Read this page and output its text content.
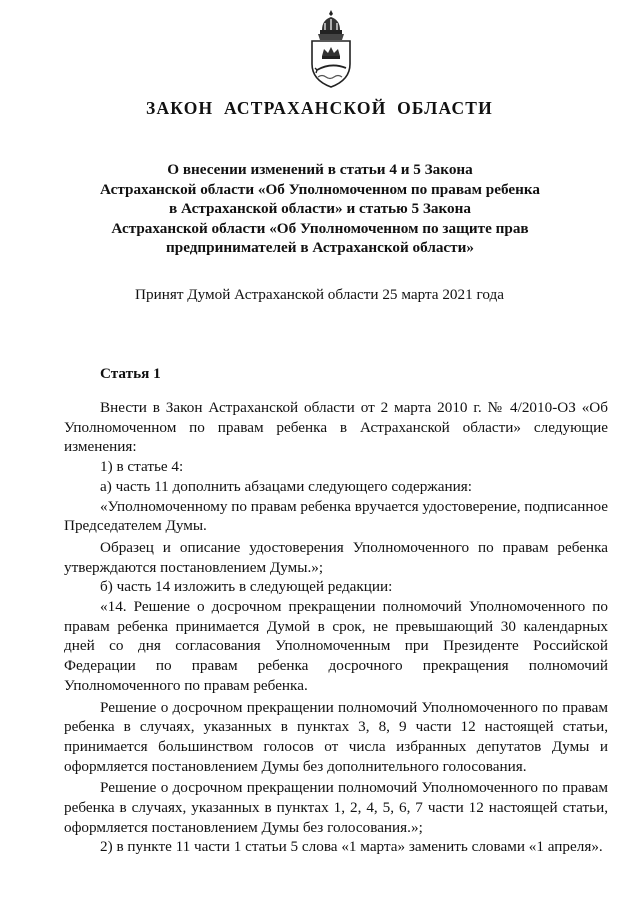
ЗАКОН АСТРАХАНСКОЙ ОБЛАСТИ
О внесении изменений в статьи 4 и 5 Закона
Астраханской области «Об Уполномоченном по правам ребенка
в Астраханской области» и статью 5 Закона
Астраханской области «Об Уполномоченном по защите прав
предпринимателей в Астраханской области»

Принят Думой Астраханской области 25 марта 2021 года

Статья 1

Внести в Закон Астраханской области от 2 марта 2010 г. № 4/2010-ОЗ «Об Уполномоченном по правам ребенка в Астраханской области» следующие изменения:

1) в статье 4:

а) часть 11 дополнить абзацами следующего содержания:

«Уполномоченному по правам ребенка вручается удостоверение, подписанное Председателем Думы.

Образец и описание удостоверения Уполномоченного по правам ребенка утверждаются постановлением Думы.»;

б) часть 14 изложить в следующей редакции:

«14. Решение о досрочном прекращении полномочий Уполномоченного по правам ребенка принимается Думой в срок, не превышающий 30 календарных дней со дня согласования Уполномоченным при Президенте Российской Федерации по правам ребенка досрочного прекращения полномочий Уполномоченного по правам ребенка.

Решение о досрочном прекращении полномочий Уполномоченного по правам ребенка в случаях, указанных в пунктах 3, 8, 9 части 12 настоящей статьи, принимается большинством голосов от числа избранных депутатов Думы и оформляется постановлением Думы без дополнительного голосования.

Решение о досрочном прекращении полномочий Уполномоченного по правам ребенка в случаях, указанных в пунктах 1, 2, 4, 5, 6, 7 части 12 настоящей статьи, оформляется постановлением Думы без голосования.»;

2) в пункте 11 части 1 статьи 5 слова «1 марта» заменить словами «1 апреля».
